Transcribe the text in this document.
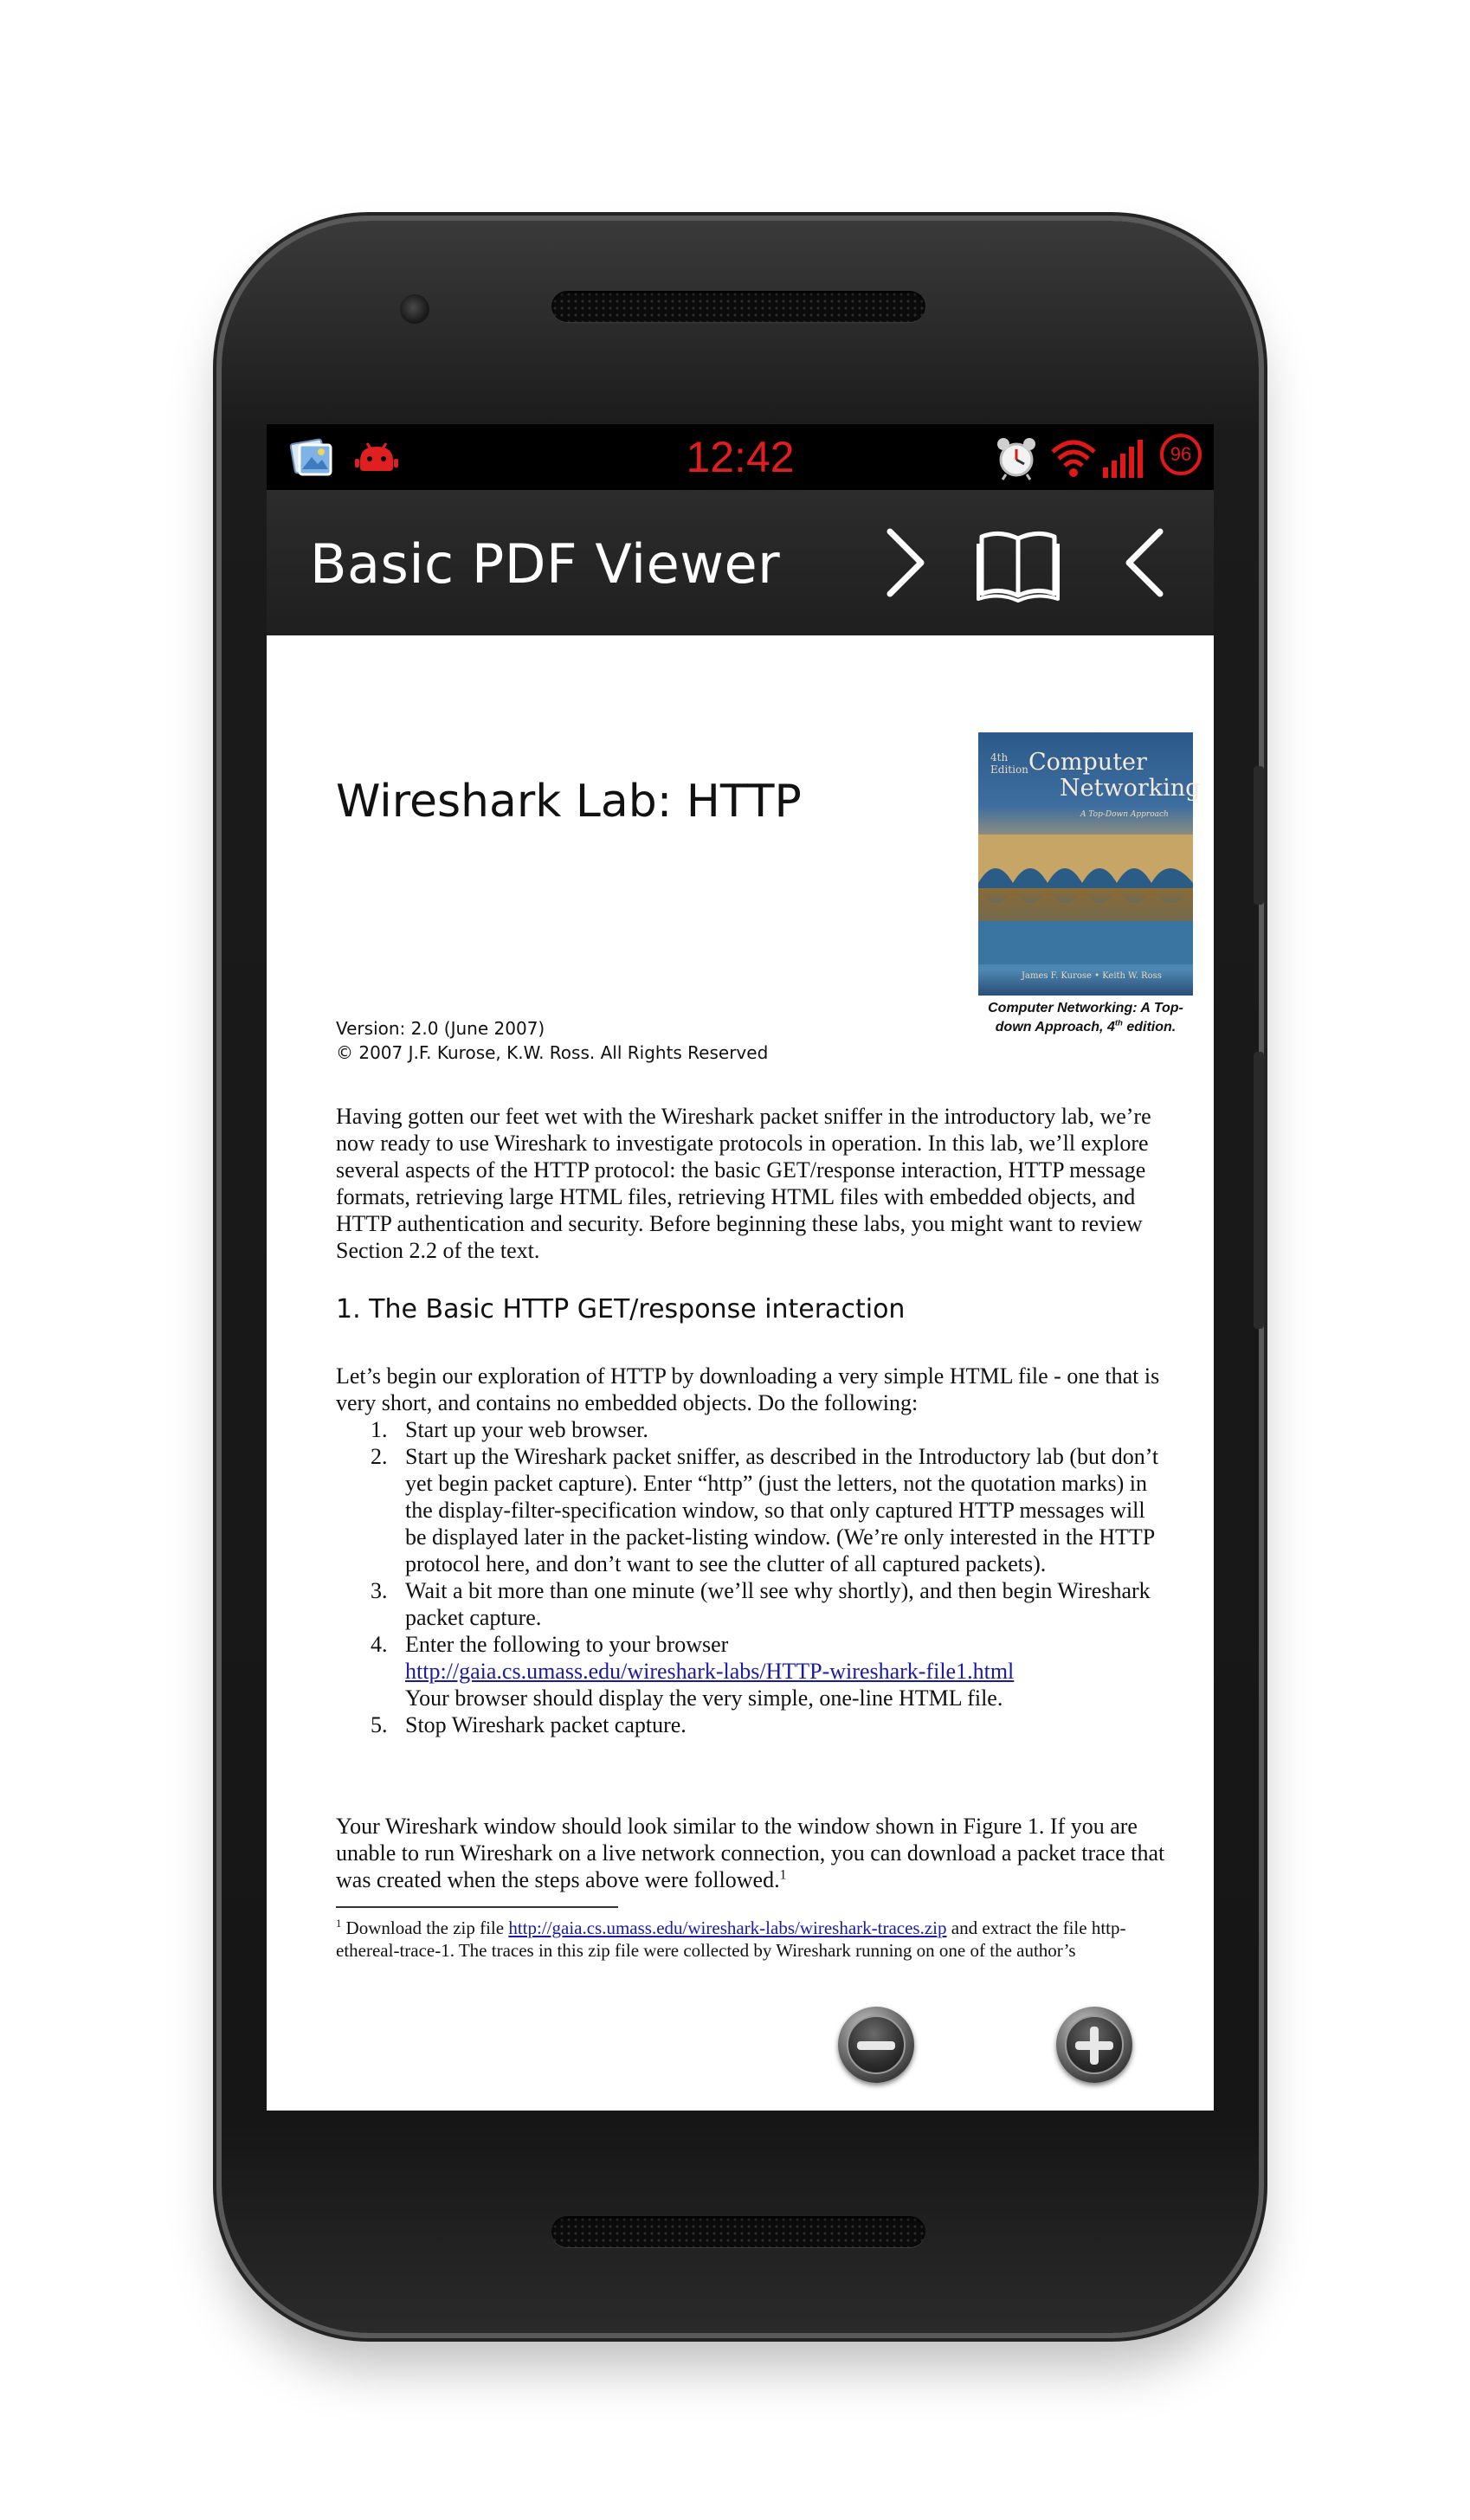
12:42	96
Basic PDF Viewer
Wireshark Lab: HTTP
4th Edition Computer
Networking
A Top-Down Approach
James F. Kurose • Keith W. Ross
Computer Networking: A Top-
down Approach, 4th edition.
Version: 2.0 (June 2007)
© 2007 J.F. Kurose, K.W. Ross. All Rights Reserved

Having gotten our feet wet with the Wireshark packet sniffer in the introductory lab, we’re now ready to use Wireshark to investigate protocols in operation. In this lab, we’ll explore several aspects of the HTTP protocol: the basic GET/response interaction, HTTP message formats, retrieving large HTML files, retrieving HTML files with embedded objects, and HTTP authentication and security. Before beginning these labs, you might want to review Section 2.2 of the text.

1. The Basic HTTP GET/response interaction

Let’s begin our exploration of HTTP by downloading a very simple HTML file - one that is very short, and contains no embedded objects. Do the following:

1. Start up your web browser.
2. Start up the Wireshark packet sniffer, as described in the Introductory lab (but don’t yet begin packet capture). Enter “http” (just the letters, not the quotation marks) in the display-filter-specification window, so that only captured HTTP messages will be displayed later in the packet-listing window. (We’re only interested in the HTTP protocol here, and don’t want to see the clutter of all captured packets).
3. Wait a bit more than one minute (we’ll see why shortly), and then begin Wireshark packet capture.
4. Enter the following to your browser
http://gaia.cs.umass.edu/wireshark-labs/HTTP-wireshark-file1.html
Your browser should display the very simple, one-line HTML file.
5. Stop Wireshark packet capture.

Your Wireshark window should look similar to the window shown in Figure 1. If you are unable to run Wireshark on a live network connection, you can download a packet trace that was created when the steps above were followed.$^1$

$^1$ Download the zip file http://gaia.cs.umass.edu/wireshark-labs/wireshark-traces.zip and extract the file http-ethereal-trace-1. The traces in this zip file were collected by Wireshark running on one of the author’s
